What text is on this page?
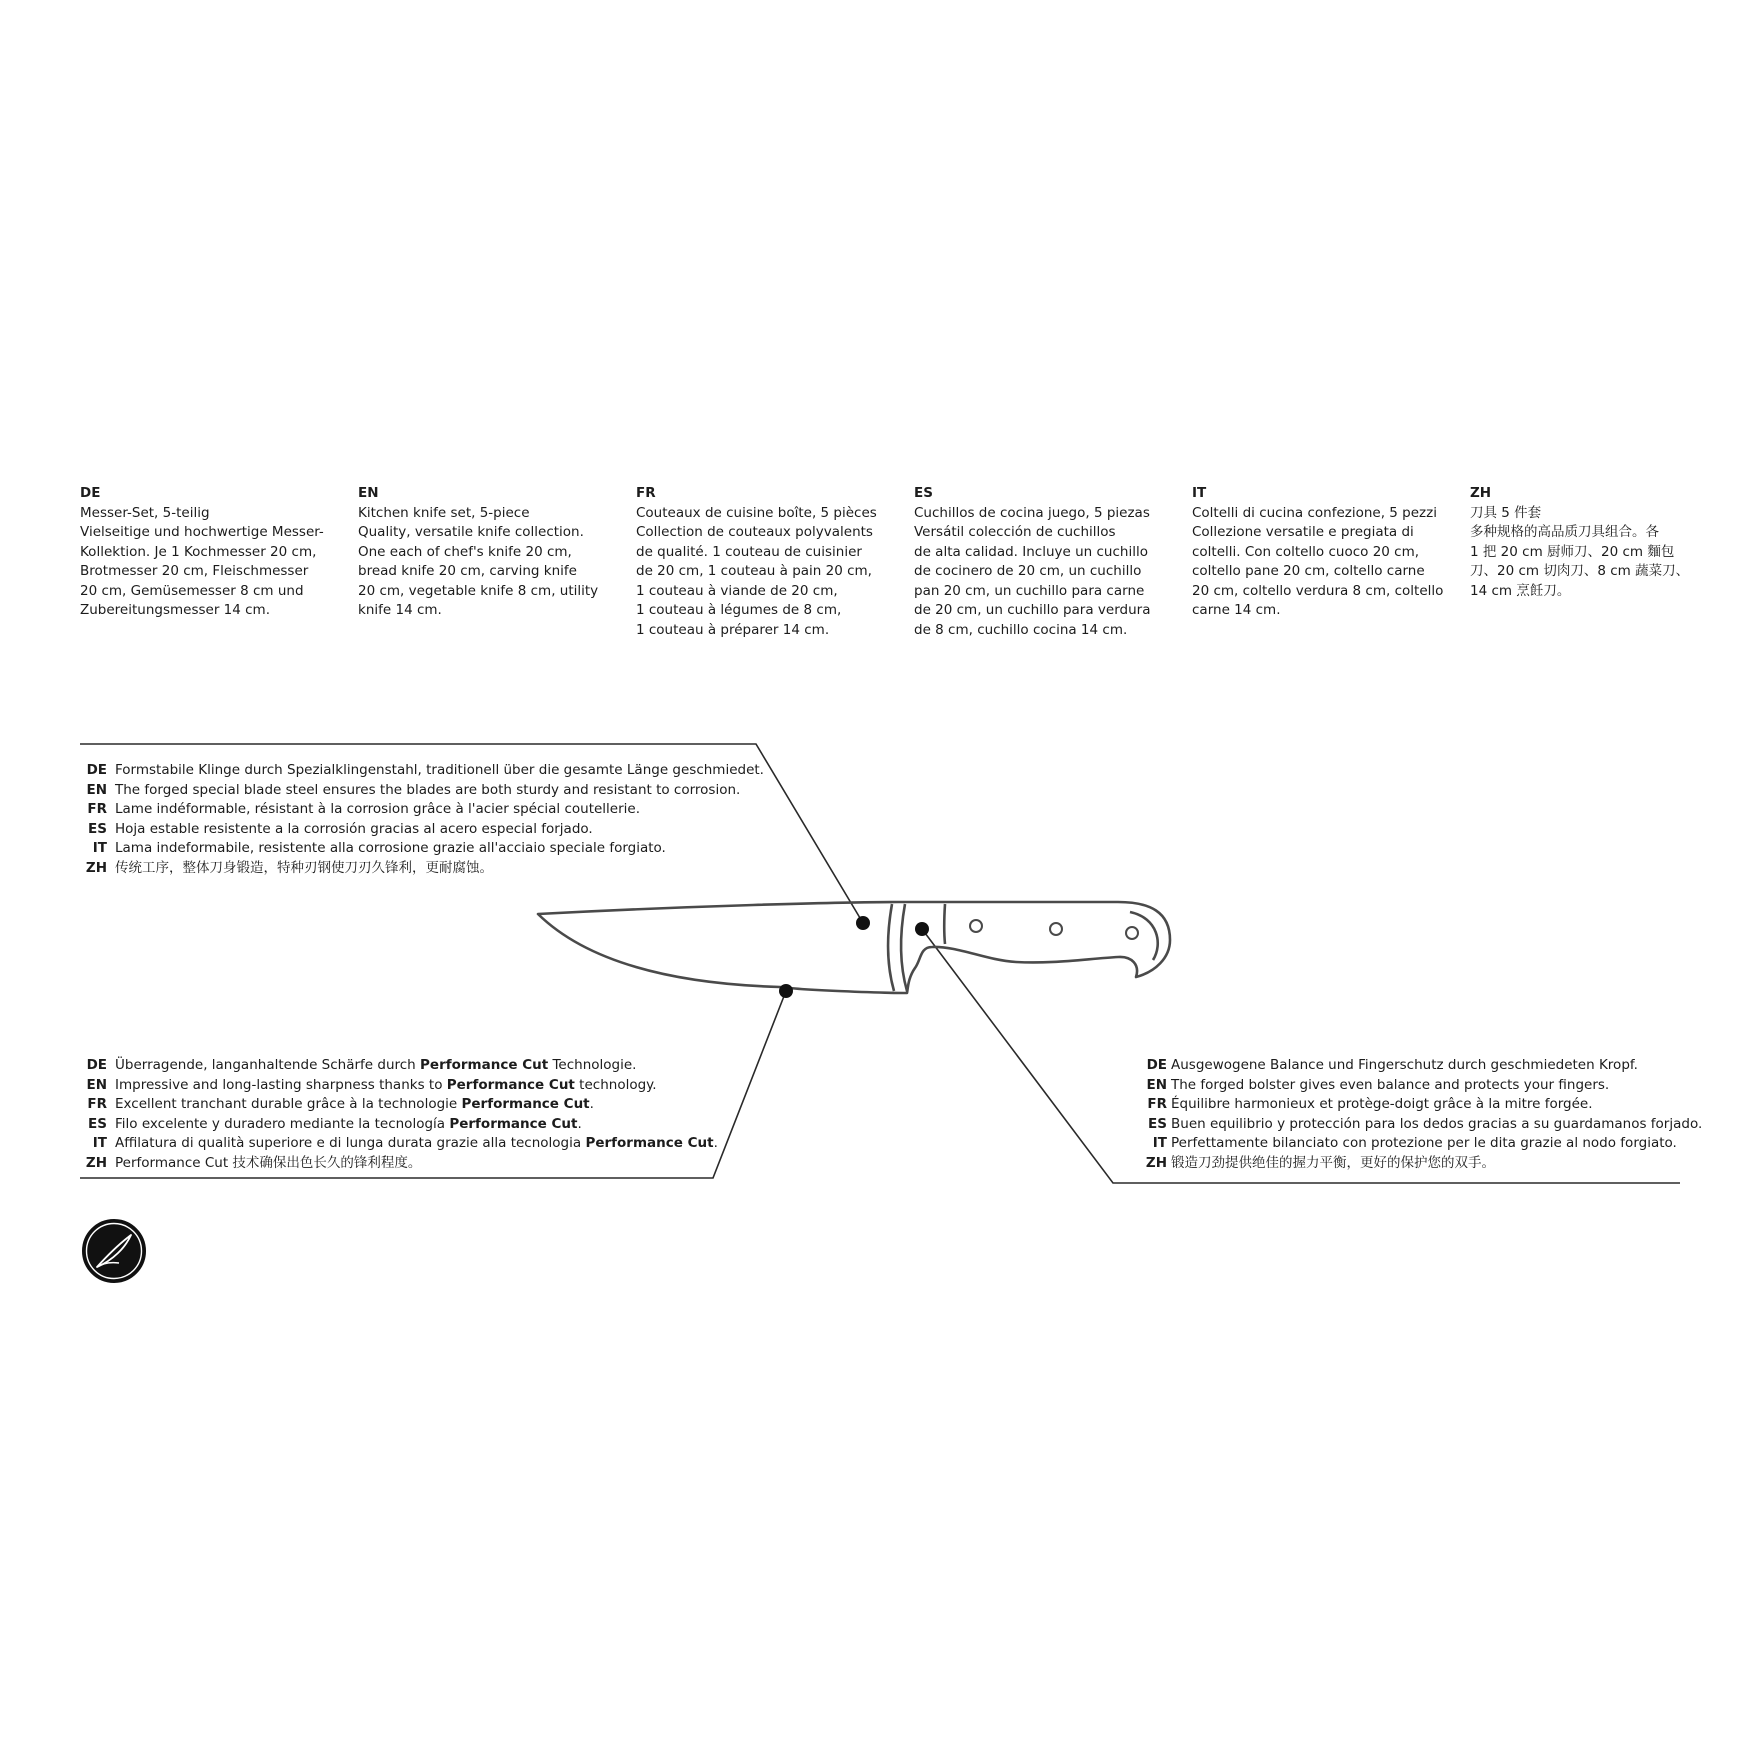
DE
Messer-Set, 5-teilig
Vielseitige und hochwertige Messer-
Kollektion. Je 1 Kochmesser 20 cm,
Brotmesser 20 cm, Fleischmesser
20 cm, Gemüsemesser 8 cm und
Zubereitungsmesser 14 cm.
EN
Kitchen knife set, 5-piece
Quality, versatile knife collection.
One each of chef's knife 20 cm,
bread knife 20 cm, carving knife
20 cm, vegetable knife 8 cm, utility
knife 14 cm.
FR
Couteaux de cuisine boîte, 5 pièces
Collection de couteaux polyvalents
de qualité. 1 couteau de cuisinier
de 20 cm, 1 couteau à pain 20 cm,
1 couteau à viande de 20 cm,
1 couteau à légumes de 8 cm,
1 couteau à préparer 14 cm.
ES
Cuchillos de cocina juego, 5 piezas
Versátil colección de cuchillos
de alta calidad. Incluye un cuchillo
de cocinero de 20 cm, un cuchillo
pan 20 cm, un cuchillo para carne
de 20 cm, un cuchillo para verdura
de 8 cm, cuchillo cocina 14 cm.
IT
Coltelli di cucina confezione, 5 pezzi
Collezione versatile e pregiata di
coltelli. Con coltello cuoco 20 cm,
coltello pane 20 cm, coltello carne
20 cm, coltello verdura 8 cm, coltello
carne 14 cm.
ZH
刀具 5 件套
多种规格的高品质刀具组合。各
1 把 20 cm 厨师刀、20 cm 麵包
刀、20 cm 切肉刀、8 cm 蔬菜刀、
14 cm 烹飪刀。
DE Formstabile Klinge durch Spezialklingenstahl, traditionell über die gesamte Länge geschmiedet.
EN The forged special blade steel ensures the blades are both sturdy and resistant to corrosion.
FR Lame indéformable, résistant à la corrosion grâce à l'acier spécial coutellerie.
ES Hoja estable resistente a la corrosión gracias al acero especial forjado.
IT Lama indeformabile, resistente alla corrosione grazie all'acciaio speciale forgiato.
ZH 传统工序，整体刀身锻造，特种刃钢使刀刃久锋利，更耐腐蚀。
DE Überragende, langanhaltende Schärfe durch Performance Cut Technologie.
EN Impressive and long-lasting sharpness thanks to Performance Cut technology.
FR Excellent tranchant durable grâce à la technologie Performance Cut.
ES Filo excelente y duradero mediante la tecnología Performance Cut.
IT Affilatura di qualità superiore e di lunga durata grazie alla tecnologia Performance Cut.
ZH Performance Cut 技术确保出色长久的锋利程度。
DE Ausgewogene Balance und Fingerschutz durch geschmiedeten Kropf.
EN The forged bolster gives even balance and protects your fingers.
FR Équilibre harmonieux et protège-doigt grâce à la mitre forgée.
ES Buen equilibrio y protección para los dedos gracias a su guardamanos forjado.
IT Perfettamente bilanciato con protezione per le dita grazie al nodo forgiato.
ZH 锻造刀劲提供绝佳的握力平衡，更好的保护您的双手。
